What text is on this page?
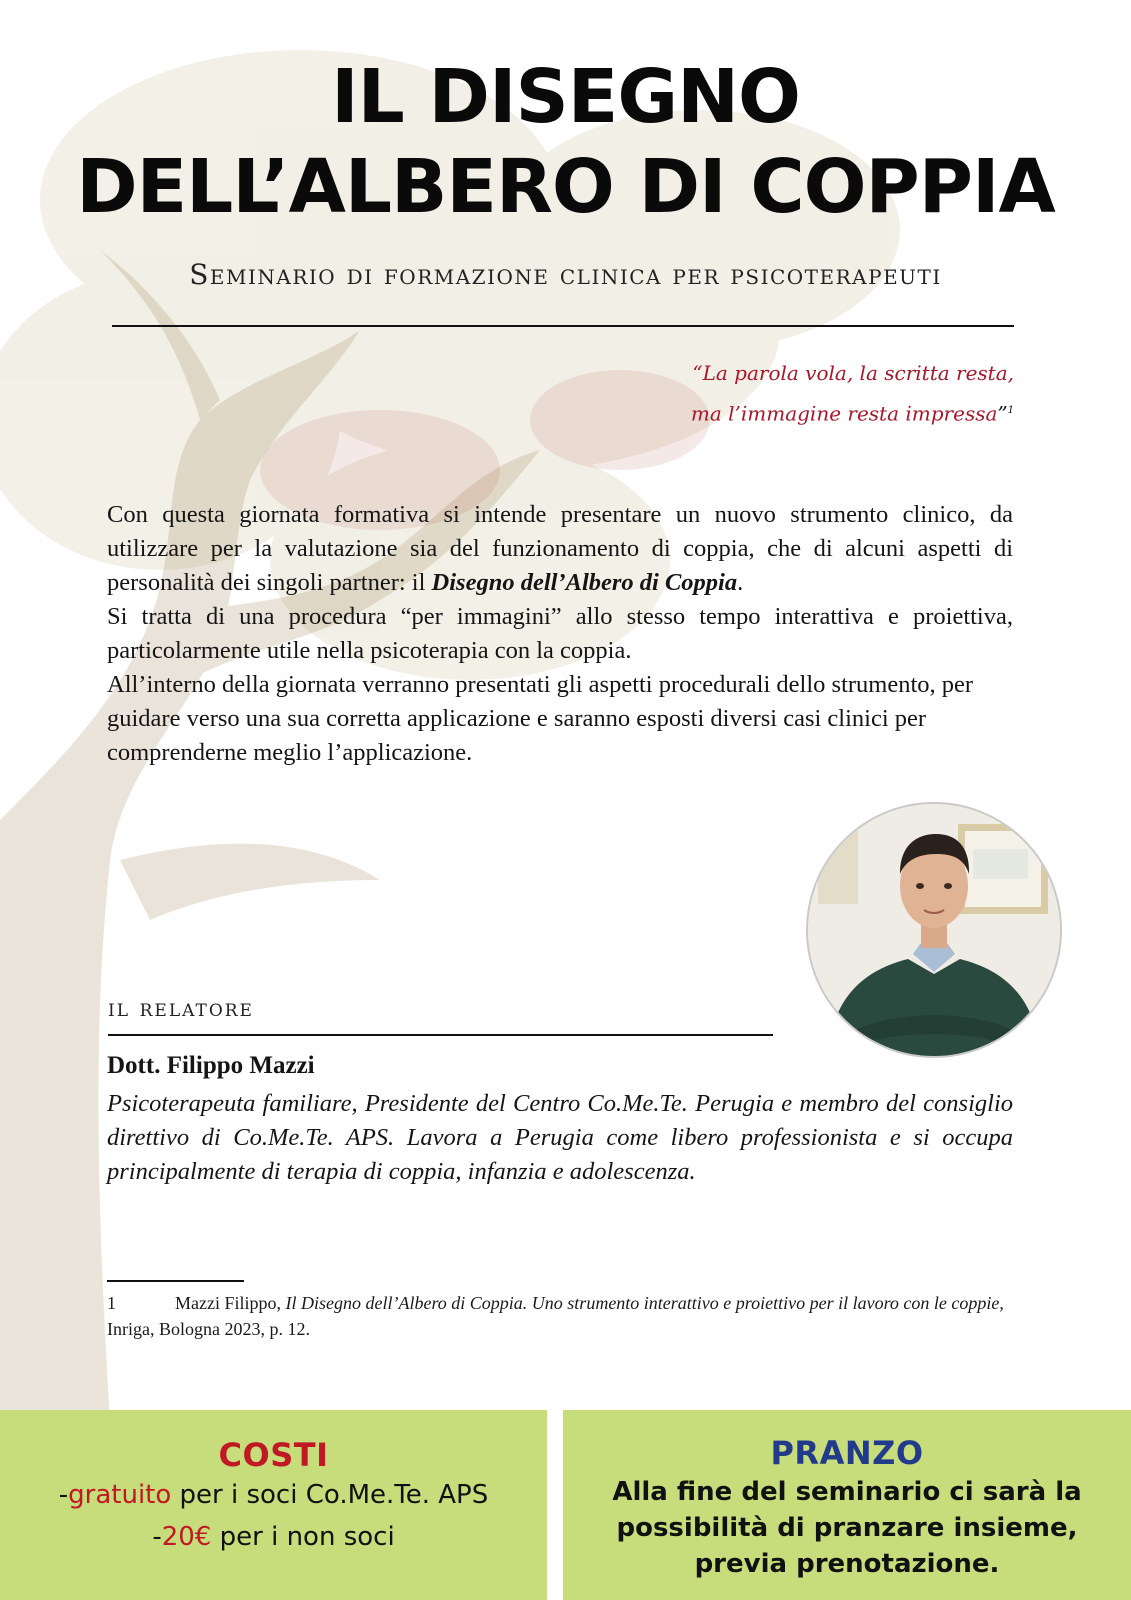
IL DISEGNO
DELL’ALBERO DI COPPIA
Seminario di formazione clinica per psicoterapeuti
“La parola vola, la scritta resta,
ma l’immagine resta impressa”$^1$

Con questa giornata formativa si intende presentare un nuovo strumento clinico, da utilizzare per la valutazione sia del funzionamento di coppia, che di alcuni aspetti di personalità dei singoli partner: il Disegno dell’Albero di Coppia.

Si tratta di una procedura “per immagini” allo stesso tempo interattiva e proiettiva, particolarmente utile nella psicoterapia con la coppia.

All’interno della giornata verranno presentati gli aspetti procedurali dello strumento, per guidare verso una sua corretta applicazione e saranno esposti diversi casi clinici per comprenderne meglio l’applicazione.

il relatore
Dott. Filippo Mazzi
Psicoterapeuta familiare, Presidente del Centro Co.Me.Te. Perugia e membro del consiglio direttivo di Co.Me.Te. APS. Lavora a Perugia come libero professionista e si occupa principalmente di terapia di coppia, infanzia e adolescenza.
1	Mazzi Filippo, Il Disegno dell’Albero di Coppia. Uno strumento interattivo e proiettivo per il lavoro con le coppie, Inriga, Bologna 2023, p. 12.
COSTI
-gratuito per i soci Co.Me.Te. APS
-20€ per i non soci
PRANZO
Alla fine del seminario ci sarà la possibilità di pranzare insieme, previa prenotazione.
